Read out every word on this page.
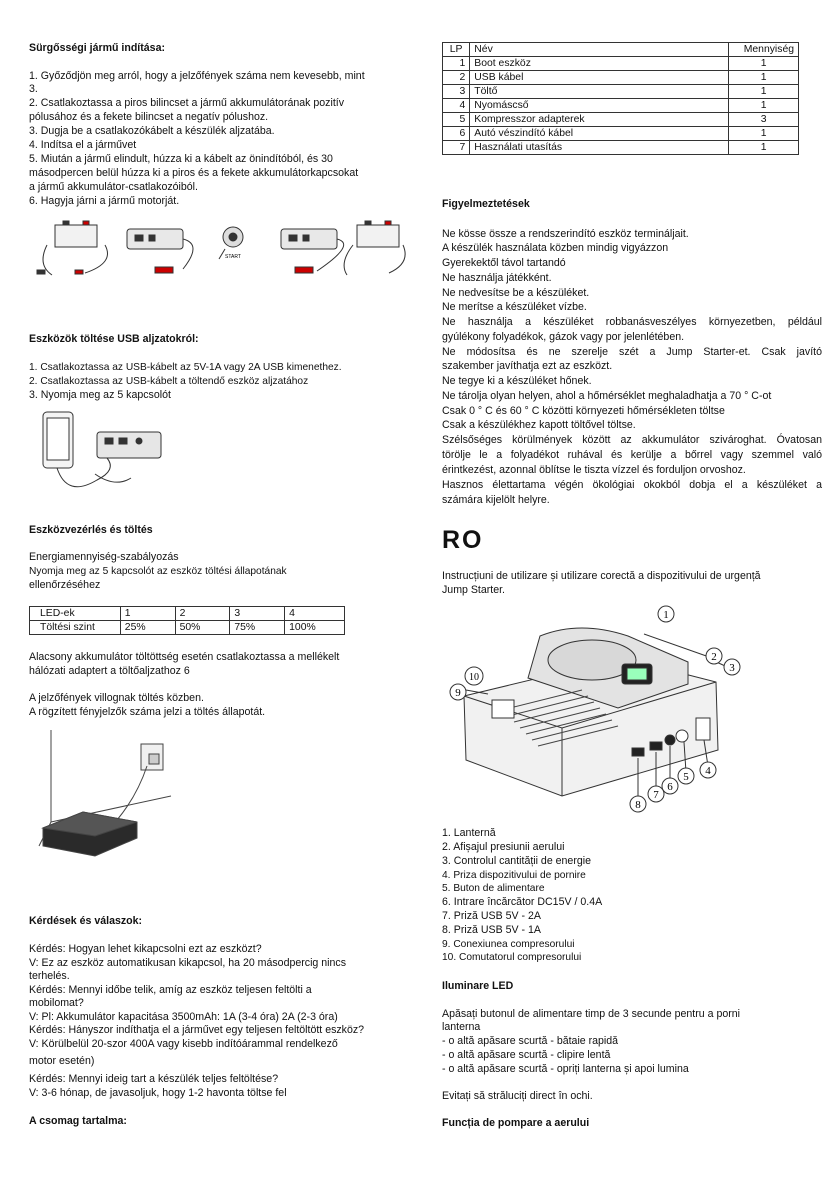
Sürgősségi jármű indítása:
1. Győződjön meg arról, hogy a jelzőfények száma nem kevesebb, mint
3.
2. Csatlakoztassa a piros bilincset a jármű akkumulátorának pozitív
pólusához és a fekete bilincset a negatív pólushoz.
3. Dugja be a csatlakozókábelt a készülék aljzatába.
4. Indítsa el a járművet
5. Miután a jármű elindult, húzza ki a kábelt az önindítóból, és 30
másodpercen belül húzza ki a piros és a fekete akkumulátorkapcsokat
a jármű akkumulátor-csatlakozóiból.
6. Hagyja járni a jármű motorját.
START
Eszközök töltése USB aljzatokról:
1. Csatlakoztassa az USB-kábelt az 5V-1A vagy 2A USB kimenethez.
2. Csatlakoztassa az USB-kábelt a töltendő eszköz aljzatához
3. Nyomja meg az 5 kapcsolót
Eszközvezérlés és töltés
Energiamennyiség-szabályozás
Nyomja meg az 5 kapcsolót az eszköz töltési állapotának
ellenőrzéséhez
LED-ek	1	2	3	4
Töltési szint	25%	50%	75%	100%
Alacsony akkumulátor töltöttség esetén csatlakoztassa a mellékelt
hálózati adaptert a töltőaljzathoz 6
A jelzőfények villognak töltés közben.
A rögzített fényjelzők száma jelzi a töltés állapotát.
Kérdések és válaszok:
Kérdés: Hogyan lehet kikapcsolni ezt az eszközt?
V: Ez az eszköz automatikusan kikapcsol, ha 20 másodpercig nincs
terhelés.
Kérdés: Mennyi időbe telik, amíg az eszköz teljesen feltölti a
mobilomat?
V: Pl: Akkumulátor kapacitása 3500mAh: 1A (3-4 óra) 2A (2-3 óra)
Kérdés: Hányszor indíthatja el a járművet egy teljesen feltöltött eszköz?
V: Körülbelül 20-szor 400A vagy kisebb indítóárammal rendelkező
motor esetén)
Kérdés: Mennyi ideig tart a készülék teljes feltöltése?
V: 3-6 hónap, de javasoljuk, hogy 1-2 havonta töltse fel
A csomag tartalma:
LP	Név	Mennyiség
1	Boot eszköz	1
2	USB kábel	1
3	Töltő	1
4	Nyomáscső	1
5	Kompresszor adapterek	3
6	Autó vészindító kábel	1
7	Használati utasítás	1
Figyelmeztetések
Ne kösse össze a rendszerindító eszköz terminálјait.
A készülék használata közben mindig vigyázzon
Gyerekektől távol tartandó
Ne használja játékként.
Ne nedvesítse be a készüléket.
Ne merítse a készüléket vízbe.
Ne használja a készüléket robbanásveszélyes környezetben, például
gyúlékony folyadékok, gázok vagy por jelenlétében.
Ne módosítsa és ne szerelje szét a Jump Starter-et. Csak javító
szakember javíthatja ezt az eszközt.
Ne tegye ki a készüléket hőnek.
Ne tárolja olyan helyen, ahol a hőmérséklet meghaladhatja a 70 ° C-ot
Csak 0 ° C és 60 ° C közötti környezeti hőmérsékleten töltse
Csak a készülékhez kapott töltővel töltse.
Szélsőséges körülmények között az akkumulátor szivároghat. Óvatosan
törölje le a folyadékot ruhával és kerülje a bőrrel vagy szemmel való
érintkezést, azonnal öblítse le tiszta vízzel és forduljon orvoshoz.
Hasznos élettartama végén ökológiai okokból dobja el a készüléket a
számára kijelölt helyre.
RO
Instrucțiuni de utilizare și utilizare corectă a dispozitivului de urgență
Jump Starter.
1
2
3
4
5
6
7
8
9
10
1. Lanternă
2. Afișajul presiunii aerului
3. Controlul cantității de energie
4. Priza dispozitivului de pornire
5. Buton de alimentare
6. Intrare încărcător DC15V / 0.4A
7. Priză USB 5V - 2A
8. Priză USB 5V - 1A
9. Conexiunea compresorului
10. Comutatorul compresorului
Iluminare LED
Apăsați butonul de alimentare timp de 3 secunde pentru a porni
lanterna
- o altă apăsare scurtă - bătaie rapidă
- o altă apăsare scurtă - clipire lentă
- o altă apăsare scurtă - opriți lanterna și apoi lumina
Evitați să străluciți direct în ochi.
Funcția de pompare a aerului
